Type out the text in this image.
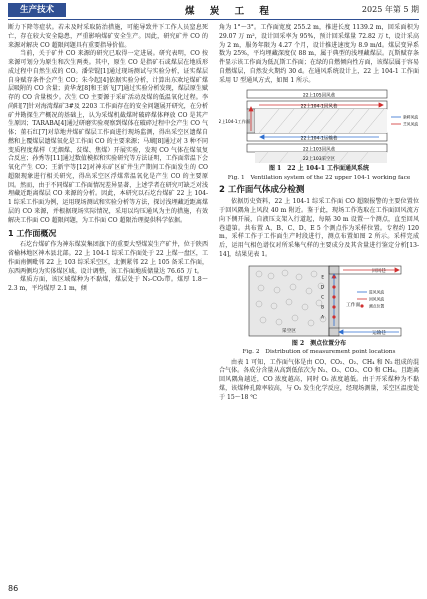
生产技术	煤 炭 工 程	2025 年第 5 期

断力下降等症状。若未及时采取防治措施，可能导致井下工作人员窒息死亡，存在较大安全隐患，严重影响煤矿安全生产。因此，研究矿井 CO 的来源对解决 CO 超限问题具有重要指导价值。

当前，关于矿井 CO 来源的研究已取得一定进展。研究表明，CO 按来源可划分为原生和次生两类。其中，原生 CO 是指矿石或煤层在地质形成过程中自然生成的 CO。潘荣锟[1]通过现场测试与实验分析，证实煤层自身赋存条件会产生 CO；朱今起[4]依据实验分析，计算出东欢坨煤矿煤层吸附的 CO 含量；黄华龙[8]和王新飞[7]通过实验分析发现，煤层原生赋存的 CO 含量极少。次生 CO 主要源于采矿活动及煤的低温氧化过程。李尚阳[7]针对海湾煤矿3#及 2203 工作面存在的安全问题展开研究，在分析矿井勘探生产概况的基础上，认为采煤机截煤时破碎煤体释放 CO 是其产生原因；TARABA[4]通过研磨实验观察到煤体在破碎过程中会产生 CO 气体；董石红[7]对草地井煤矿煤层工作面进行现场监测，得出采空区遗煤自燃和上覆煤层遗煤氧化是工作面 CO 的主要来源；马瑚[8]通过对 3 种不同变质程度煤样（无烟煤、贫煤、焦煤）开展实验，发现 CO 气体在煤氧复合反应；孙秀等[11]通过数值模拟和实验研究等方法证明，工作面常温下会氧化产生 CO；王新宇等[12]对神东矿区矿井生产期间工作面发生的 CO 超限现象进行相关研究，得出采空区浮煤常温氧化是产生 CO 的主要原因。然而，由于不同煤矿工作面情况差异显著，上述学者在研究可缺乏对浅埋藏近距离煤层 CO 来源的分析。因此，本研究以石圪台煤矿 22 上 104-1 综采工作面为例，运用现场测试和实验分析等方法，探讨浅埋藏近距离煤层的 CO 来源，并根据现场实际情况，采用以均压通风为主的措施，有效解决工作面 CO 超限问题，为工作面 CO 超限治理提供科学依据。

1 工作面概况

石圪台煤矿作为神东煤炭集团旗下的重要大型煤炭生产矿井，位于陕西省榆林地区神木县北部。22 上 104-1 综采工作面处于 22 上煤一盘区，工作面南侧毗邻 22 上 103 综采采空区，北侧紧邻 22 上 105 备采工作面，东西两侧均为实体煤区域。设计调整，该工作面地质储量达 76.65 万 t。

煤质方面，该区域煤种为不黏煤，煤层处于 N₂-CO₂带。煤厚 1.8～2.3 m，平均煤厚 2.1 m，倾

角为 1°～3°。工作面宽度 255.2 m，推进长度 1139.2 m，回采面积为 29.07 万 m²，设计回采率为 95%，预计回采煤量 72.82 万 t，设计采高为 2 m，服务年限为 4.27 个月，设计推进速度为 8.9 m/d。煤层变异系数为 25%，平均埋藏深度仅 88 m，属于典型的浅埋藏煤层。瓦斯赋存条件显示该工作面为低瓦斯工作面；在绿的自燃倾向性方面，该煤层属于容易自燃煤层，自然发火期约 30 d。在通风系统设计上，22 上 104-1 工作面采用 U 型通风方式，如图 1 所示。

22上105回风巷
22上104-1回风巷
22上104-1运输巷
22上103回风巷
22上103采空区
22上104-1工作面
新鲜风流
乏风风流
图 1　22 上 104-1 工作面通风系统
Fig. 1　Ventilation system of the 22 upper 104-1 working face
2 工作面气体成分检测

依据历史资料，22 上 104-1 综采工作面 CO 超限报警的主要位置位于回风隅角上风段 40 m 附近。鉴于此，现场工作选取在工作面回风流方向下侧开展，自液压支架入行道起，每隔 30 m 设置一个测点，直至回风巷道第。共布置 A、B、C、D、E 5 个测点作为采样位置。专程约 120 m，采样工作于工作面生产时段进行，测点布置如图 2 所示。采样完成后，运用气相色谱仪对所采集气样的主要成分及其含量进行鉴定分析[13-14]，结果见表 1。

采空区
工作面
回风巷
运输巷
E
D
C
B
A
进风风流
回风风流
测点位置
图 2　测点位置分布
Fig. 2　Distribution of measurement point locations

由表 1 可知，工作面气体是由 CO、CO₂、O₂、CH₄ 和 N₂ 组成的混合气体。各成分含量从高到低依次为 N₂、O₂、CO₂、CO 和 CH₄。且距离回风隅角越近，CO 浓度越高，同时 O₂ 浓度越低。由于开采煤种为不黏煤，该煤种孔隙率较高，与 O₂ 发生化学反应，经现场测量，采空区温度处于 15～18 ℃

86
